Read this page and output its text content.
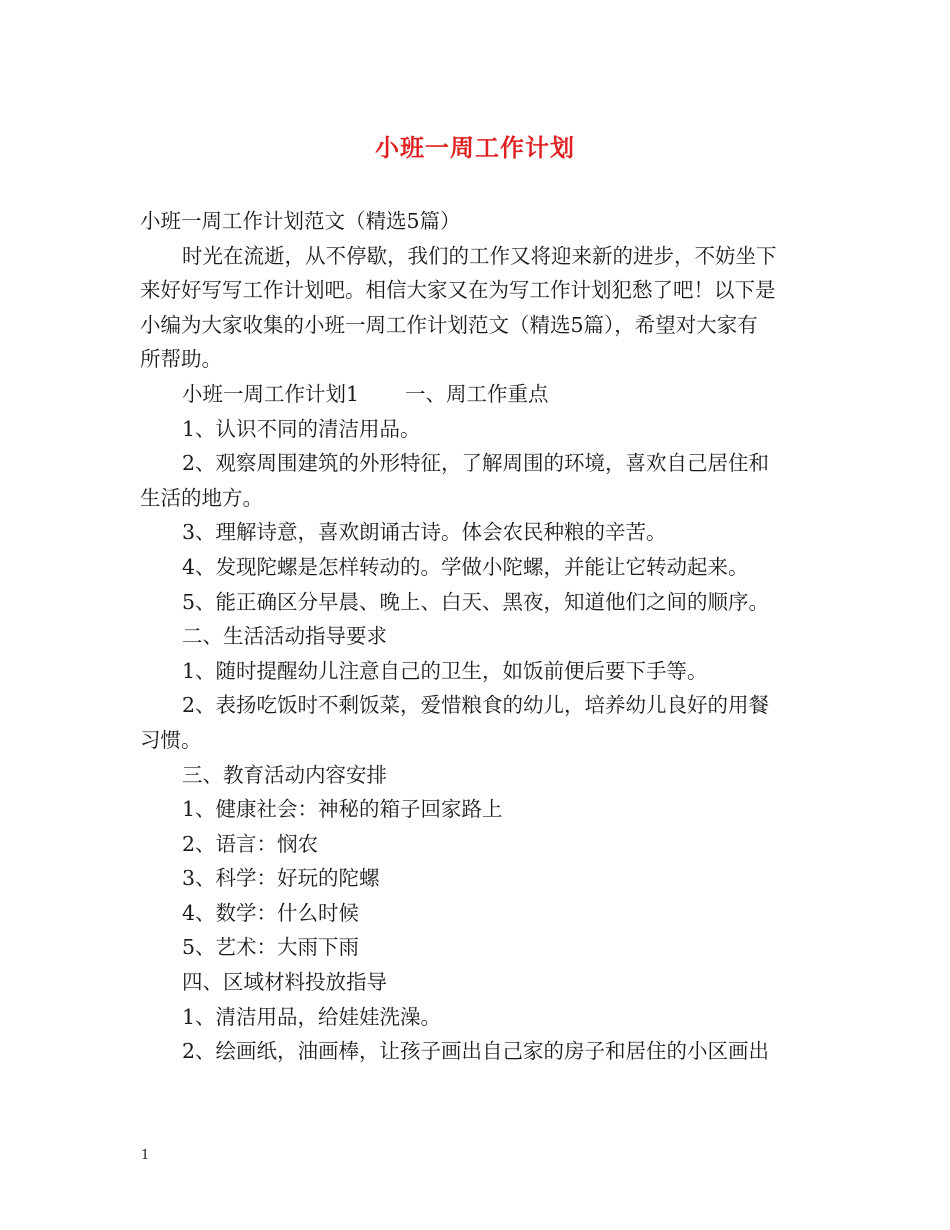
小班一周工作计划

小班一周工作计划范文（精选5篇）

时光在流逝，从不停歇，我们的工作又将迎来新的进步，不妨坐下

来好好写写工作计划吧。相信大家又在为写工作计划犯愁了吧！以下是

小编为大家收集的小班一周工作计划范文（精选5篇），希望对大家有

所帮助。

小班一周工作计划1 一、周工作重点

1、认识不同的清洁用品。

2、观察周围建筑的外形特征，了解周围的环境，喜欢自己居住和

生活的地方。

3、理解诗意，喜欢朗诵古诗。体会农民种粮的辛苦。

4、发现陀螺是怎样转动的。学做小陀螺，并能让它转动起来。

5、能正确区分早晨、晚上、白天、黑夜，知道他们之间的顺序。

二、生活活动指导要求

1、随时提醒幼儿注意自己的卫生，如饭前便后要下手等。

2、表扬吃饭时不剩饭菜，爱惜粮食的幼儿，培养幼儿良好的用餐

习惯。

三、教育活动内容安排

1、健康社会：神秘的箱子回家路上

2、语言：悯农

3、科学：好玩的陀螺

4、数学：什么时候

5、艺术：大雨下雨

四、区域材料投放指导

1、清洁用品，给娃娃洗澡。

2、绘画纸，油画棒，让孩子画出自己家的房子和居住的小区画出

1
